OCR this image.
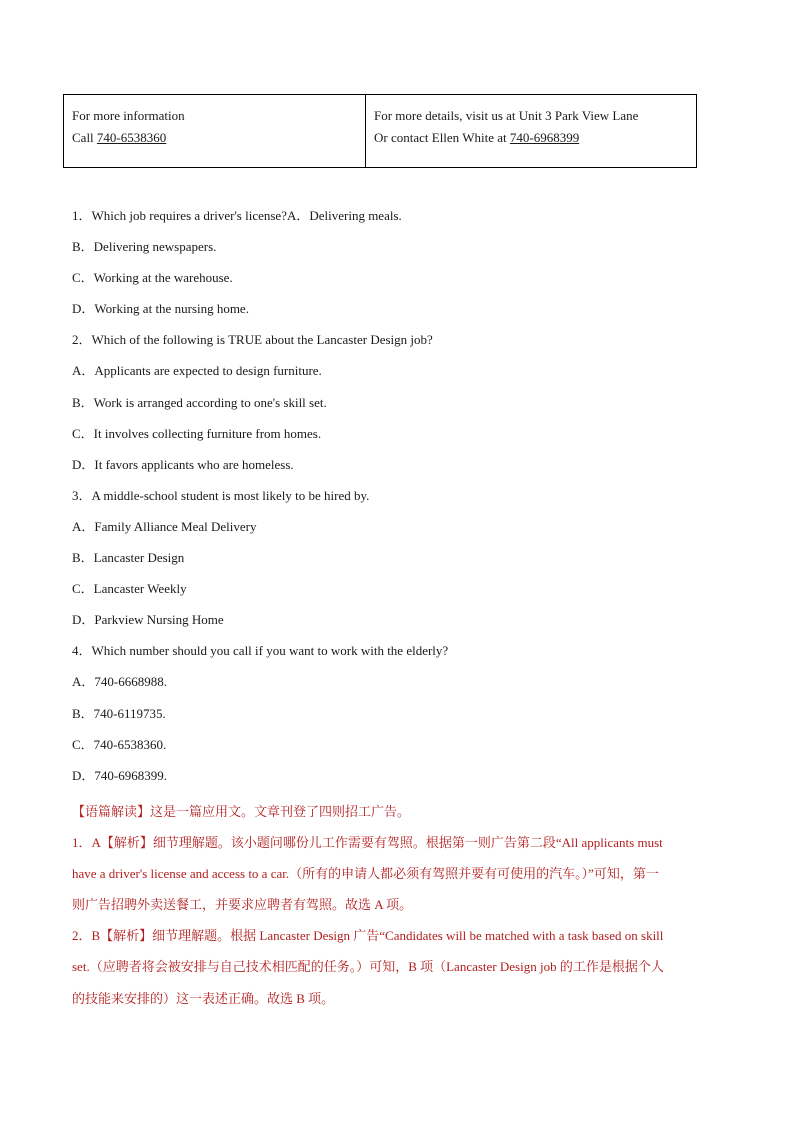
For more information
Call 740-6538360

For more details, visit us at Unit 3 Park View Lane
Or contact Ellen White at 740-6968399
1．Which job requires a driver's license?A．Delivering meals.
B．Delivering newspapers.
C．Working at the warehouse.
D．Working at the nursing home.
2．Which of the following is TRUE about the Lancaster Design job?
A．Applicants are expected to design furniture.
B．Work is arranged according to one's skill set.
C．It involves collecting furniture from homes.
D．It favors applicants who are homeless.
3．A middle-school student is most likely to be hired by.
A．Family Alliance Meal Delivery
B．Lancaster Design
C．Lancaster Weekly
D．Parkview Nursing Home
4．Which number should you call if you want to work with the elderly?
A．740-6668988.
B．740-6119735.
C．740-6538360.
D．740-6968399.

【语篇解读】这是一篇应用文。文章刊登了四则招工广告。

1．A【解析】细节理解题。该小题问哪份儿工作需要有驾照。根据第一则广告第二段“All applicants must

have a driver's license and access to a car.（所有的申请人都必须有驾照并要有可使用的汽车。）”可知，第一

则广告招聘外卖送餐工，并要求应聘者有驾照。故选 A 项。

2．B【解析】细节理解题。根据 Lancaster Design 广告“Candidates will be matched with a task based on skill

set.（应聘者将会被安排与自己技术相匹配的任务。）可知，B 项（Lancaster Design job 的工作是根据个人

的技能来安排的）这一表述正确。故选 B 项。
